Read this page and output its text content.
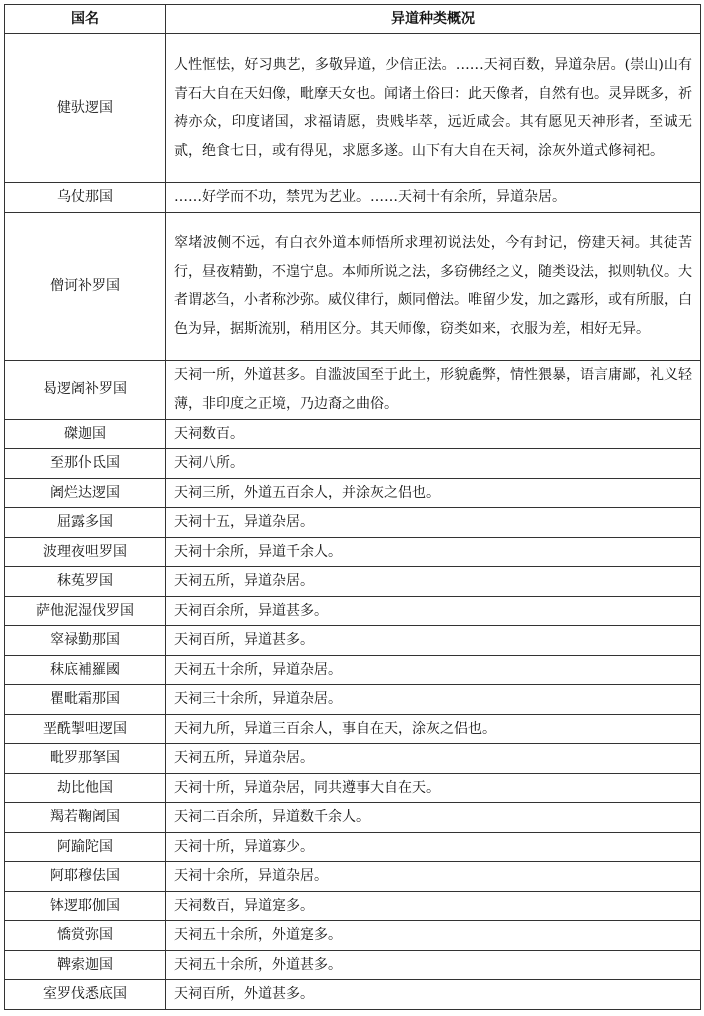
国名	异道种类概况
健驮逻国	人性恇怯，好习典艺，多敬异道，少信正法。……天祠百数，异道杂居。(崇山)山有青石大自在天妇像，毗摩天女也。闻诸土俗曰：此天像者，自然有也。灵异既多，祈祷亦众，印度诸国，求福请愿，贵贱毕萃，远近咸会。其有愿见天神形者，至诚无贰，绝食七日，或有得见，求愿多遂。山下有大自在天祠，涂灰外道式修祠祀。
乌仗那国	……好学而不功，禁咒为艺业。……天祠十有余所，异道杂居。
僧诃补罗国	窣堵波侧不远，有白衣外道本师悟所求理初说法处，今有封记，傍建天祠。其徒苦行，昼夜精勤，不遑宁息。本师所说之法，多窃佛经之义，随类设法，拟则轨仪。大者谓苾刍，小者称沙弥。威仪律行，颇同僧法。唯留少发，加之露形，或有所服，白色为异，据斯流别，稍用区分。其天师像，窃类如来，衣服为差，相好无异。
曷逻阇补罗国	天祠一所，外道甚多。自滥波国至于此土，形貌麁弊，情性猥暴，语言庸鄙，礼义轻薄，非印度之正境，乃边裔之曲俗。
磔迦国	天祠数百。
至那仆氐国	天祠八所。
阇烂达逻国	天祠三所，外道五百余人，并涂灰之侣也。
屈露多国	天祠十五，异道杂居。
波理夜呾罗国	天祠十余所，异道千余人。
秣菟罗国	天祠五所，异道杂居。
萨他泥湿伐罗国	天祠百余所，异道甚多。
窣禄勤那国	天祠百所，异道甚多。
秣底補羅國	天祠五十余所，异道杂居。
瞿毗霜那国	天祠三十余所，异道杂居。
垩酰掣呾逻国	天祠九所，异道三百余人，事自在天，涂灰之侣也。
毗罗那拏国	天祠五所，异道杂居。
劫比他国	天祠十所，异道杂居，同共遵事大自在天。
羯若鞠阇国	天祠二百余所，异道数千余人。
阿踰陀国	天祠十所，异道寡少。
阿耶穆佉国	天祠十余所，异道杂居。
钵逻耶伽国	天祠数百，异道寔多。
憍赏弥国	天祠五十余所，外道寔多。
鞞索迦国	天祠五十余所，外道甚多。
室罗伐悉底国	天祠百所，外道甚多。
